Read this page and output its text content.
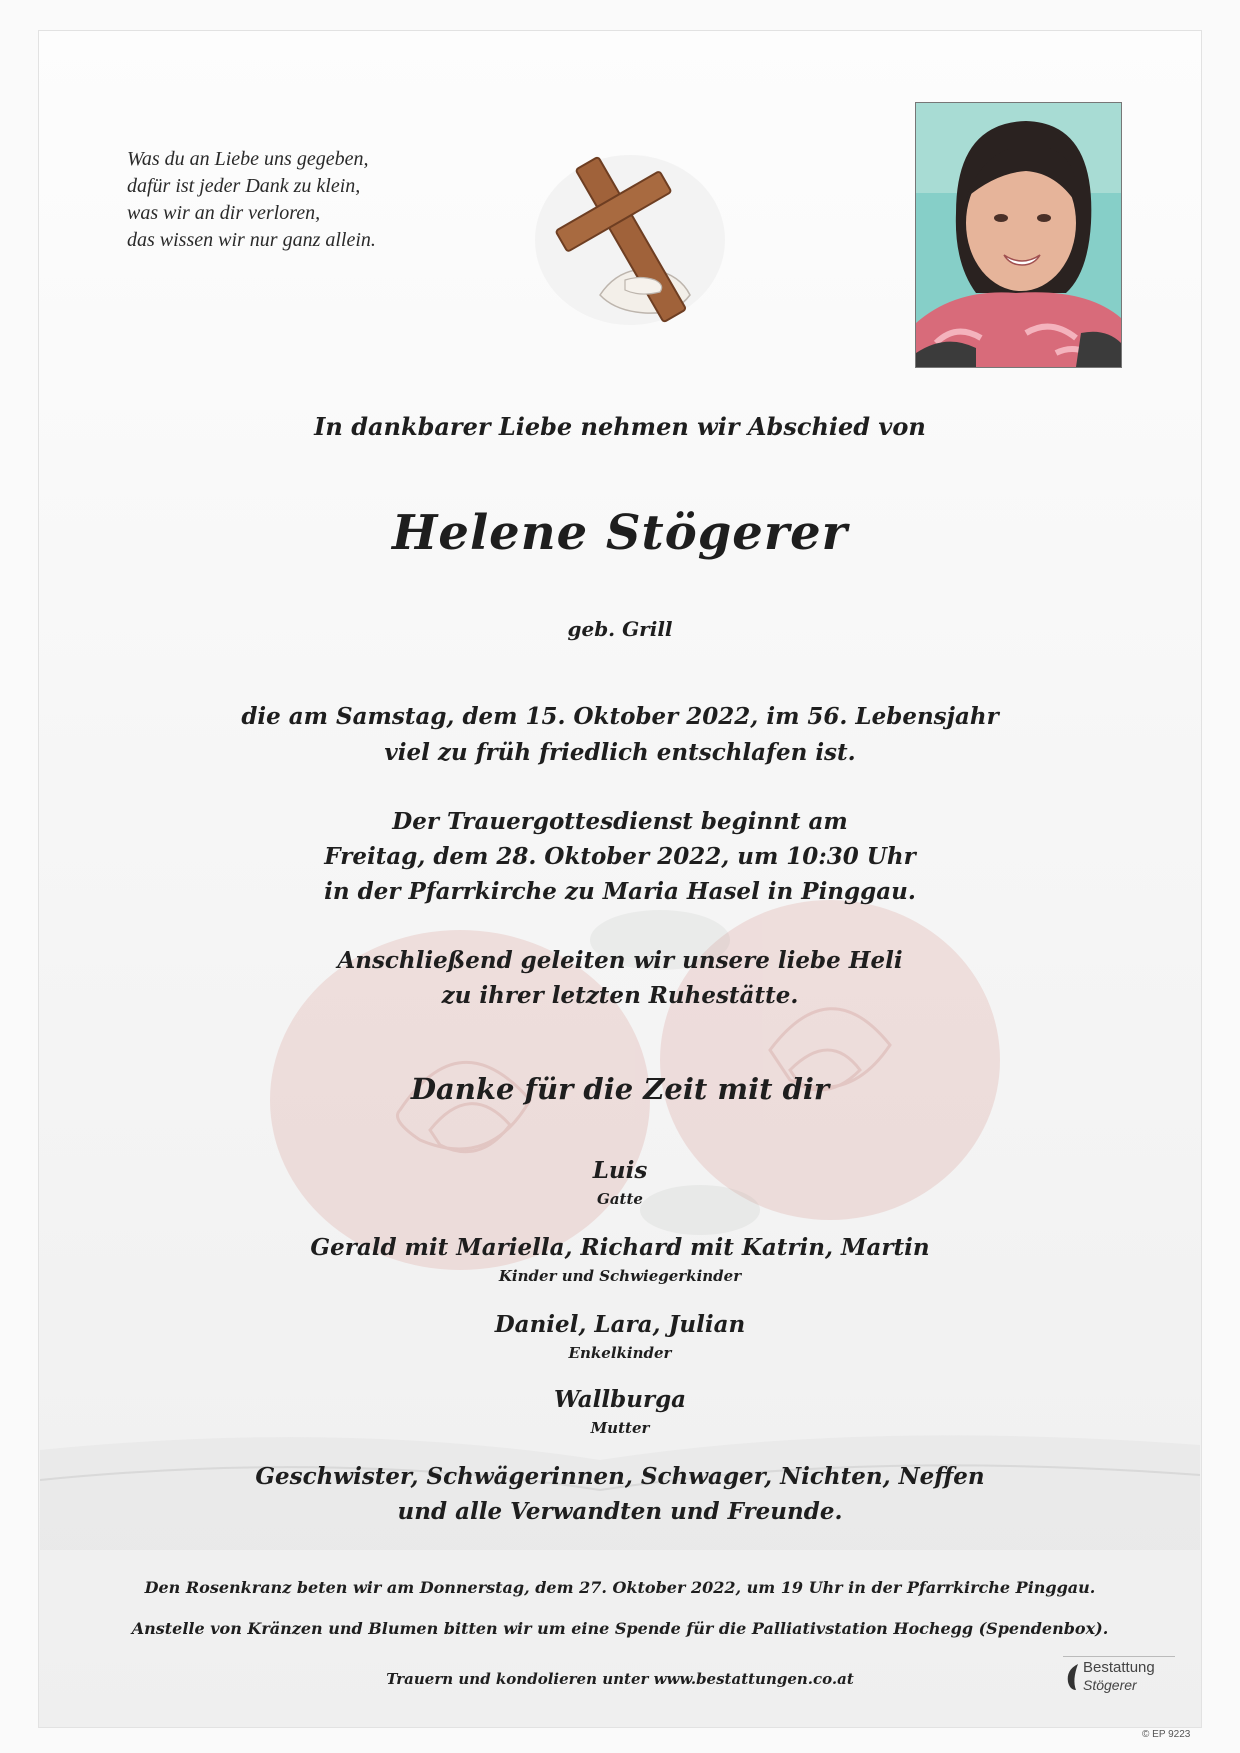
Was du an Liebe uns gegeben,
dafür ist jeder Dank zu klein,
was wir an dir verloren,
das wissen wir nur ganz allein.
In dankbarer Liebe nehmen wir Abschied von
Helene Stögerer
geb. Grill
die am Samstag, dem 15. Oktober 2022, im 56. Lebensjahr
viel zu früh friedlich entschlafen ist.
Der Trauergottesdienst beginnt am
Freitag, dem 28. Oktober 2022, um 10:30 Uhr
in der Pfarrkirche zu Maria Hasel in Pinggau.
Anschließend geleiten wir unsere liebe Heli
zu ihrer letzten Ruhestätte.
Danke für die Zeit mit dir
Luis
Gatte
Gerald mit Mariella, Richard mit Katrin, Martin
Kinder und Schwiegerkinder
Daniel, Lara, Julian
Enkelkinder
Wallburga
Mutter
Geschwister, Schwägerinnen, Schwager, Nichten, Neffen
und alle Verwandten und Freunde.
Den Rosenkranz beten wir am Donnerstag, dem 27. Oktober 2022, um 19 Uhr in der Pfarrkirche Pinggau.
Anstelle von Kränzen und Blumen bitten wir um eine Spende für die Palliativstation Hochegg (Spendenbox).
Trauern und kondolieren unter www.bestattungen.co.at
Bestattung
Stögerer
© EP 9223
